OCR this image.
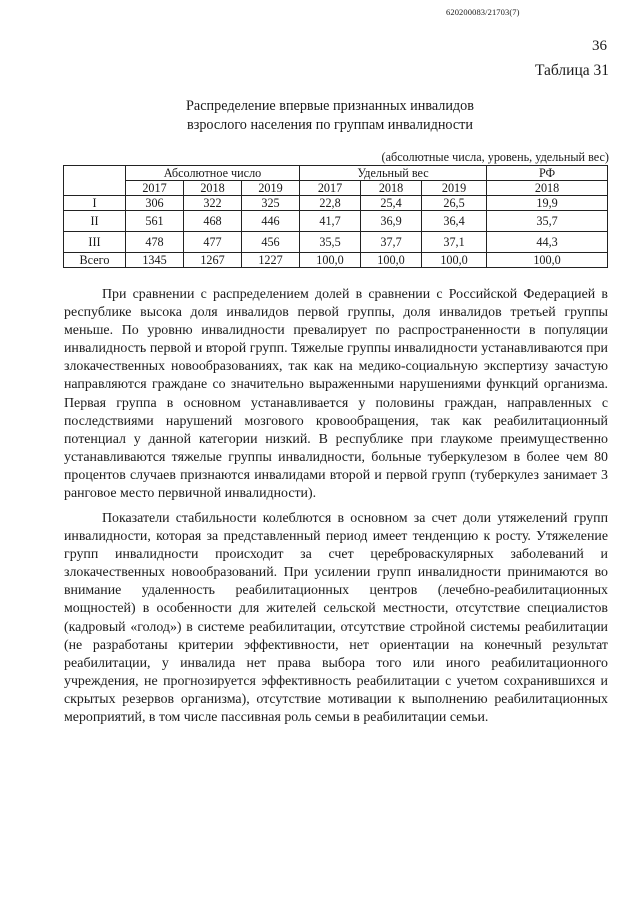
620200083/21703(7)
36
Таблица 31
Распределение впервые признанных инвалидов
взрослого населения по группам инвалидности
(абсолютные числа, уровень, удельный вес)
	Абсолютное число			Удельный вес			РФ
	2017	2018	2019	2017	2018	2019	2018
I	306	322	325	22,8	25,4	26,5	19,9
II	561	468	446	41,7	36,9	36,4	35,7
III	478	477	456	35,5	37,7	37,1	44,3
Всего	1345	1267	1227	100,0	100,0	100,0	100,0

При сравнении с распределением долей в сравнении с Российской Федерацией в республике высока доля инвалидов первой группы, доля инвалидов третьей группы меньше. По уровню инвалидности превалирует по распространенности в популяции инвалидность первой и второй групп. Тяжелые группы инвалидности устанавливаются при злокачественных новообразованиях, так как на медико-социальную экспертизу зачастую направляются граждане со значительно выраженными нарушениями функций организма. Первая группа в основном устанавливается у половины граждан, направленных с последствиями нарушений мозгового кровообращения, так как реабилитационный потенциал у данной категории низкий. В республике при глаукоме преимущественно устанавливаются тяжелые группы инвалидности, больные туберкулезом в более чем 80 процентов случаев признаются инвалидами второй и первой групп (туберкулез занимает 3 ранговое место первичной инвалидности).

Показатели стабильности колеблются в основном за счет доли утяжелений групп инвалидности, которая за представленный период имеет тенденцию к росту. Утяжеление групп инвалидности происходит за счет цереброваскулярных заболеваний и злокачественных новообразований. При усилении групп инвалидности принимаются во внимание удаленность реабилитационных центров (лечебно-реабилитационных мощностей) в особенности для жителей сельской местности, отсутствие специалистов (кадровый «голод») в системе реабилитации, отсутствие стройной системы реабилитации (не разработаны критерии эффективности, нет ориентации на конечный результат реабилитации, у инвалида нет права выбора того или иного реабилитационного учреждения, не прогнозируется эффективность реабилитации с учетом сохранившихся и скрытых резервов организма), отсутствие мотивации к выполнению реабилитационных мероприятий, в том числе пассивная роль семьи в реабилитации семьи.
